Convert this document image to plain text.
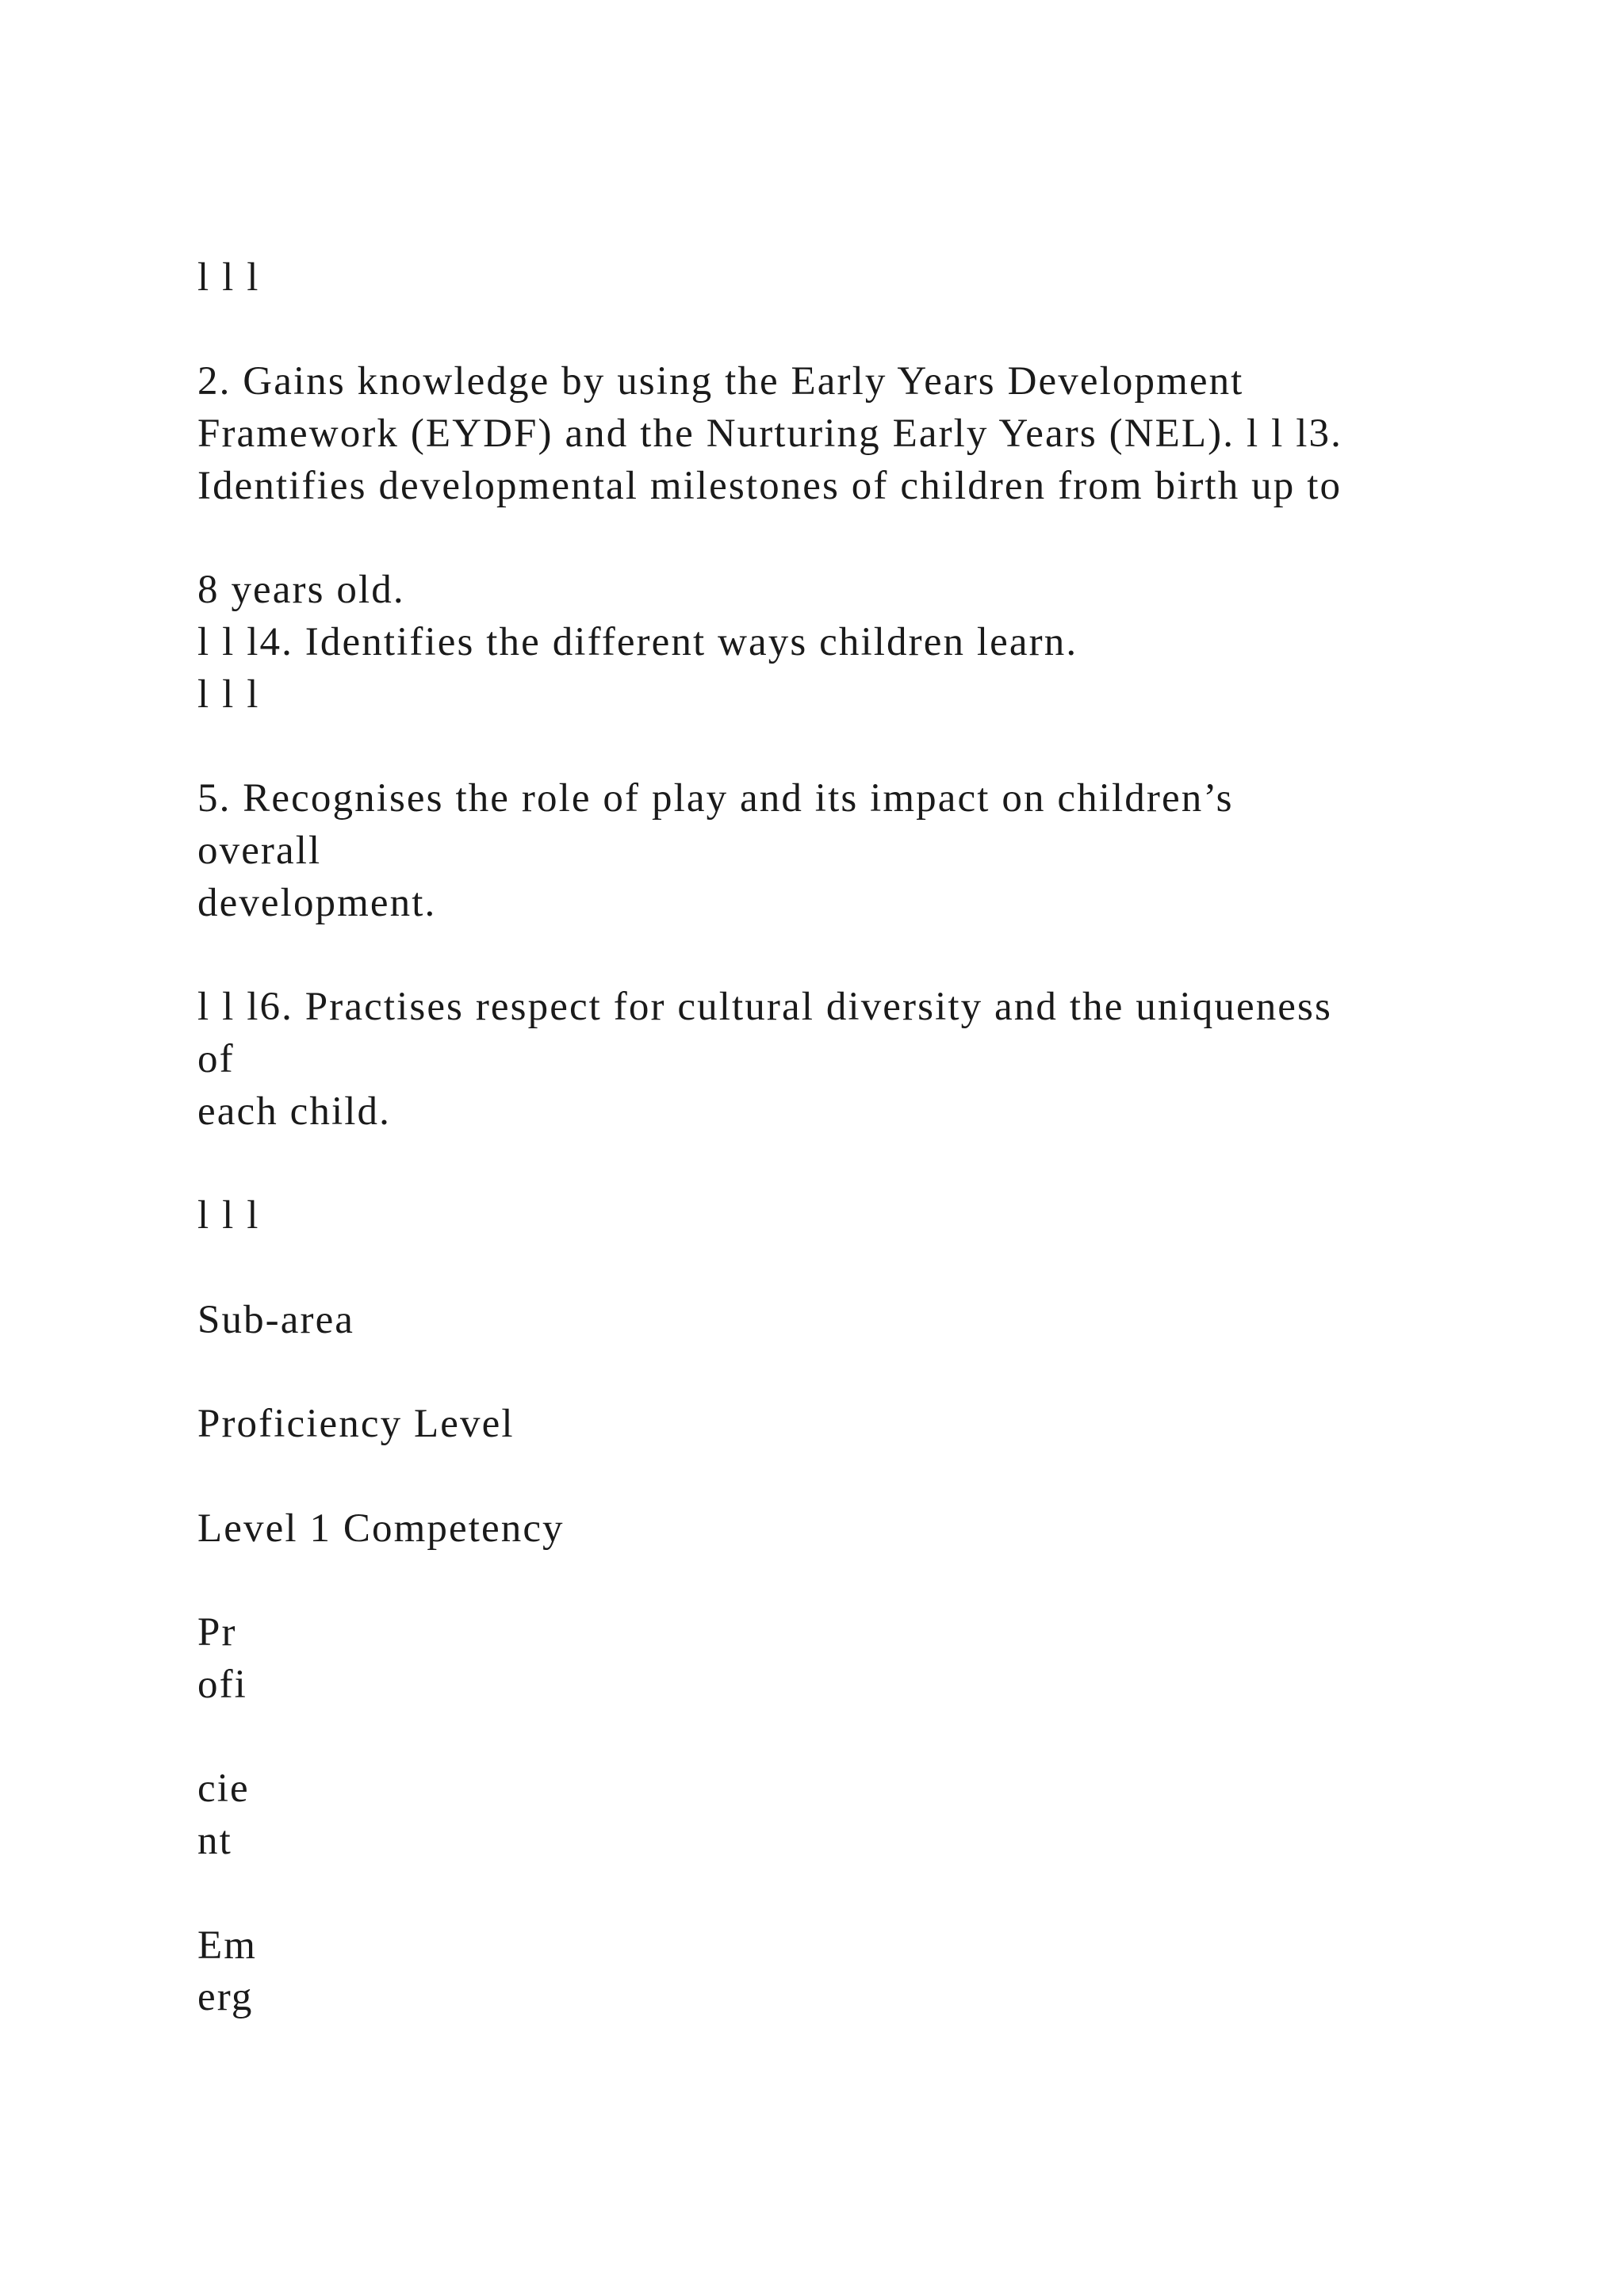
l l l

2. Gains knowledge by using the Early Years Development

Framework (EYDF) and the Nurturing Early Years (NEL). l l l3.

Identifies developmental milestones of children from birth up to

8 years old.

l l l4. Identifies the different ways children learn.

l l l

5. Recognises the role of play and its impact on children’s

overall

development.

l l l6. Practises respect for cultural diversity and the uniqueness

of

each child.

l l l

Sub-area

Proficiency Level

Level 1 Competency

Pr

ofi

cie

nt

Em

erg
